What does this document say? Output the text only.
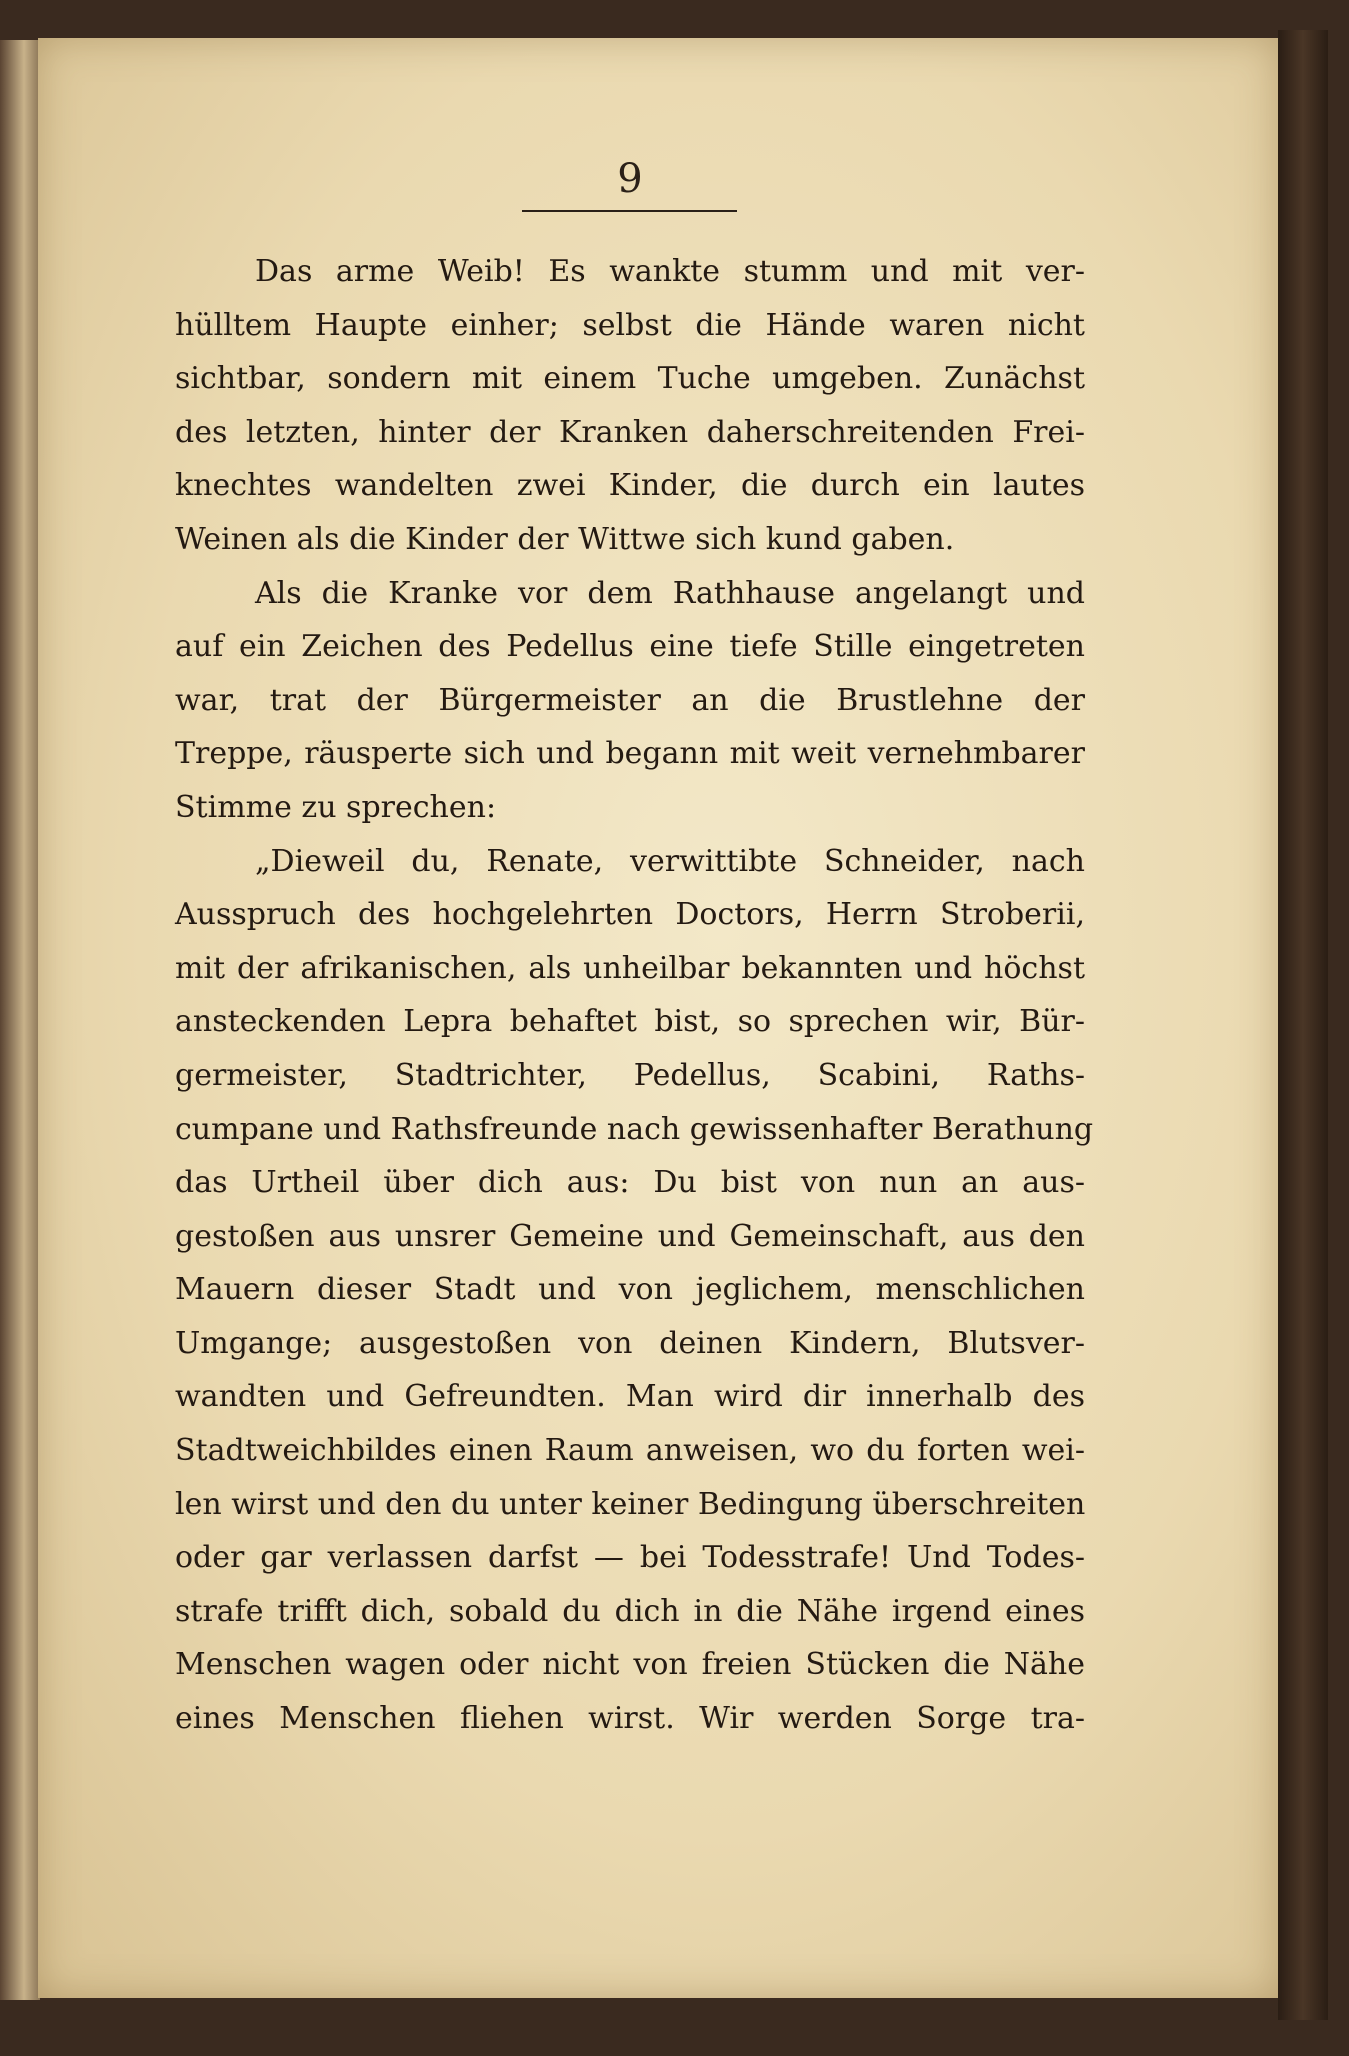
9
Das arme Weib! Es wankte stumm und mit ver-
hülltem Haupte einher; selbst die Hände waren nicht
sichtbar, sondern mit einem Tuche umgeben. Zunächst
des letzten, hinter der Kranken daherschreitenden Frei-
knechtes wandelten zwei Kinder, die durch ein lautes
Weinen als die Kinder der Wittwe sich kund gaben.
Als die Kranke vor dem Rathhause angelangt und
auf ein Zeichen des Pedellus eine tiefe Stille eingetreten
war, trat der Bürgermeister an die Brustlehne der
Treppe, räusperte sich und begann mit weit vernehmbarer
Stimme zu sprechen:
„Dieweil du, Renate, verwittibte Schneider, nach
Ausspruch des hochgelehrten Doctors, Herrn Stroberii,
mit der afrikanischen, als unheilbar bekannten und höchst
ansteckenden Lepra behaftet bist, so sprechen wir, Bür-
germeister, Stadtrichter, Pedellus, Scabini, Raths-
cumpane und Rathsfreunde nach gewissenhafter Berathung
das Urtheil über dich aus: Du bist von nun an aus-
gestoßen aus unsrer Gemeine und Gemeinschaft, aus den
Mauern dieser Stadt und von jeglichem, menschlichen
Umgange; ausgestoßen von deinen Kindern, Blutsver-
wandten und Gefreundten. Man wird dir innerhalb des
Stadtweichbildes einen Raum anweisen, wo du forten wei-
len wirst und den du unter keiner Bedingung überschreiten
oder gar verlassen darfst — bei Todesstrafe! Und Todes-
strafe trifft dich, sobald du dich in die Nähe irgend eines
Menschen wagen oder nicht von freien Stücken die Nähe
eines Menschen fliehen wirst. Wir werden Sorge tra-
